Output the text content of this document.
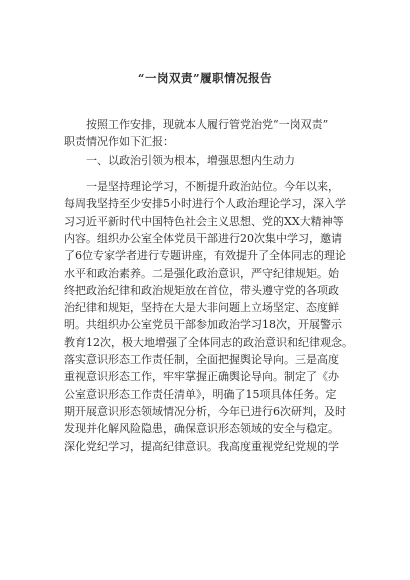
“一岗双责”履职情况报告
按照工作安排，现就本人履行管党治党“一岗双责”
职责情况作如下汇报：
一、以政治引领为根本，增强思想内生动力
一是坚持理论学习，不断提升政治站位。今年以来，
每周我坚持至少安排5小时进行个人政治理论学习，深入学
习习近平新时代中国特色社会主义思想、党的XX大精神等
内容。组织办公室全体党员干部进行20次集中学习，邀请
了6位专家学者进行专题讲座，有效提升了全体同志的理论
水平和政治素养。二是强化政治意识，严守纪律规矩。始
终把政治纪律和政治规矩放在首位，带头遵守党的各项政
治纪律和规矩，坚持在大是大非问题上立场坚定、态度鲜
明。共组织办公室党员干部参加政治学习18次，开展警示
教育12次，极大地增强了全体同志的政治意识和纪律观念。
落实意识形态工作责任制，全面把握舆论导向。三是高度
重视意识形态工作，牢牢掌握正确舆论导向。制定了《办
公室意识形态工作责任清单》，明确了15项具体任务。定
期开展意识形态领域情况分析，今年已进行6次研判，及时
发现并化解风险隐患，确保意识形态领域的安全与稳定。
深化党纪学习，提高纪律意识。我高度重视党纪党规的学
